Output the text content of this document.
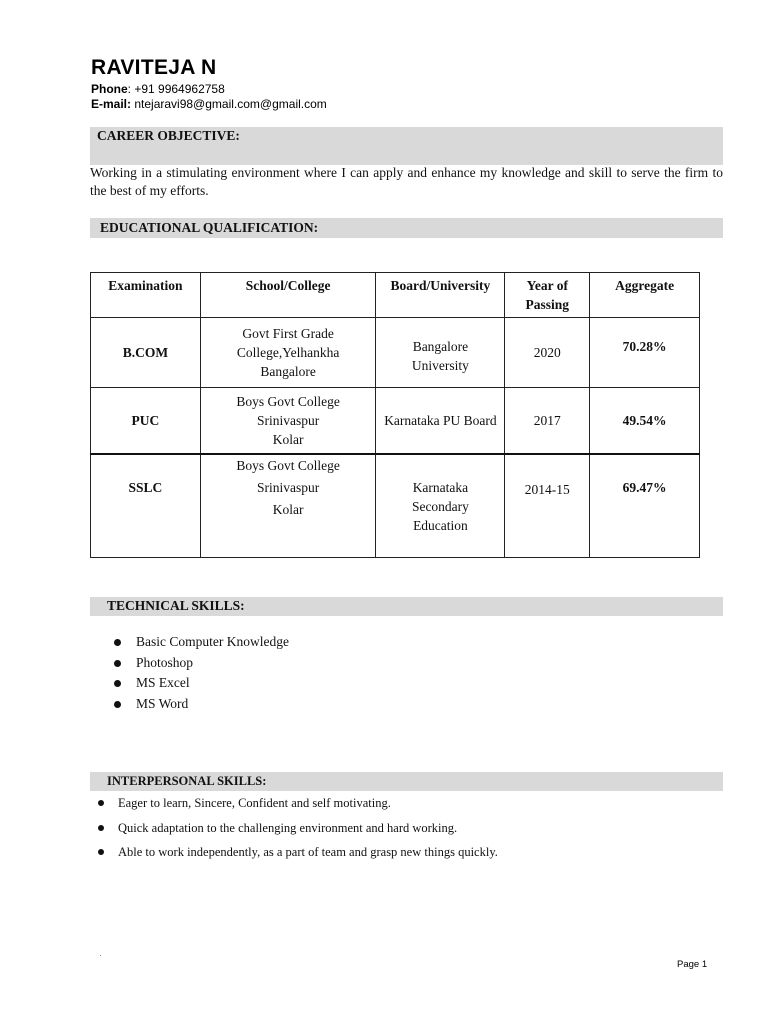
RAVITEJA N
Phone: +91 9964962758
E-mail: ntejaravi98@gmail.com@gmail.com
CAREER OBJECTIVE:
Working in a stimulating environment where I can apply and enhance my knowledge and skill to serve the firm to the best of my efforts.
EDUCATIONAL QUALIFICATION:
Examination	School/College	Board/University	Year of Passing	Aggregate
B.COM	Govt First Grade
College,Yelhankha
Bangalore	Bangalore
University	2020	70.28%
PUC	Boys Govt College
Srinivaspur
Kolar	Karnataka PU Board	2017	49.54%
SSLC	Boys Govt College
Srinivaspur
Kolar	Karnataka
Secondary
Education	2014-15	69.47%
TECHNICAL SKILLS:
Basic Computer Knowledge
Photoshop
MS Excel
MS Word
INTERPERSONAL SKILLS:
Eager to learn, Sincere, Confident and self motivating.
Quick adaptation to the challenging environment and hard working.
Able to work independently, as a part of team and grasp new things quickly.
Page 1
